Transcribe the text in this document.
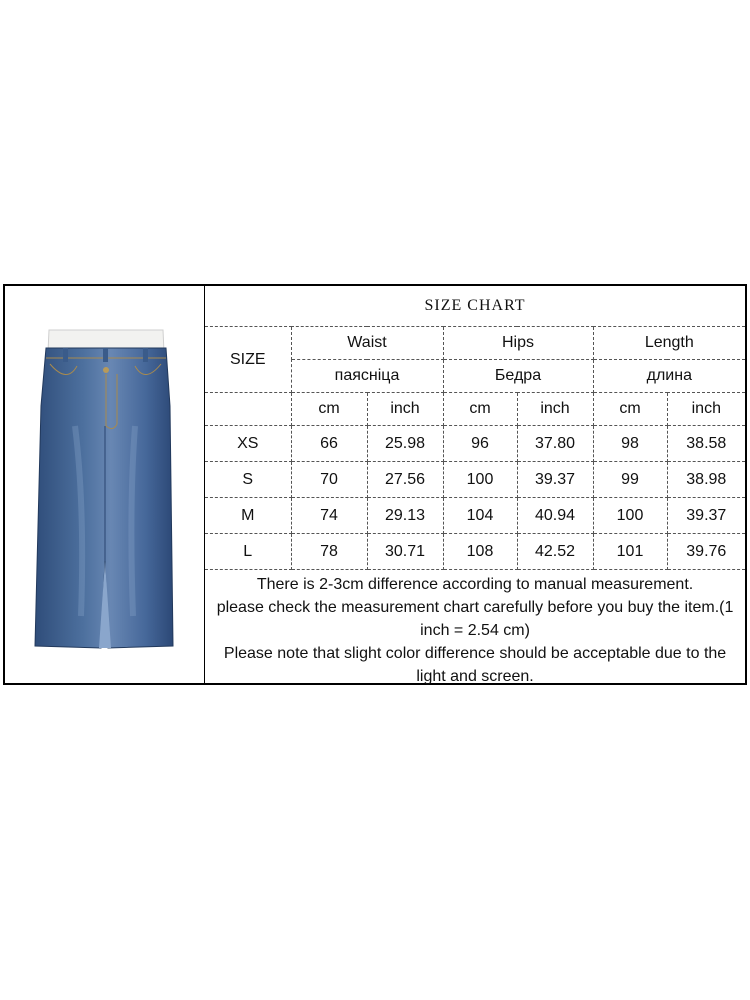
SIZE CHART						
SIZE	Waist		Hips		Length	
	паясніца		Бедра		длина	
	cm	inch	cm	inch	cm	inch
XS	66	25.98	96	37.80	98	38.58
S	70	27.56	100	39.37	99	38.98
M	74	29.13	104	40.94	100	39.37
L	78	30.71	108	42.52	101	39.76

There is 2-3cm difference according to manual measurement.

please check the measurement chart carefully before you buy the item.(1 inch = 2.54 cm)

Please note that slight color difference should be acceptable due to the light and screen.						
